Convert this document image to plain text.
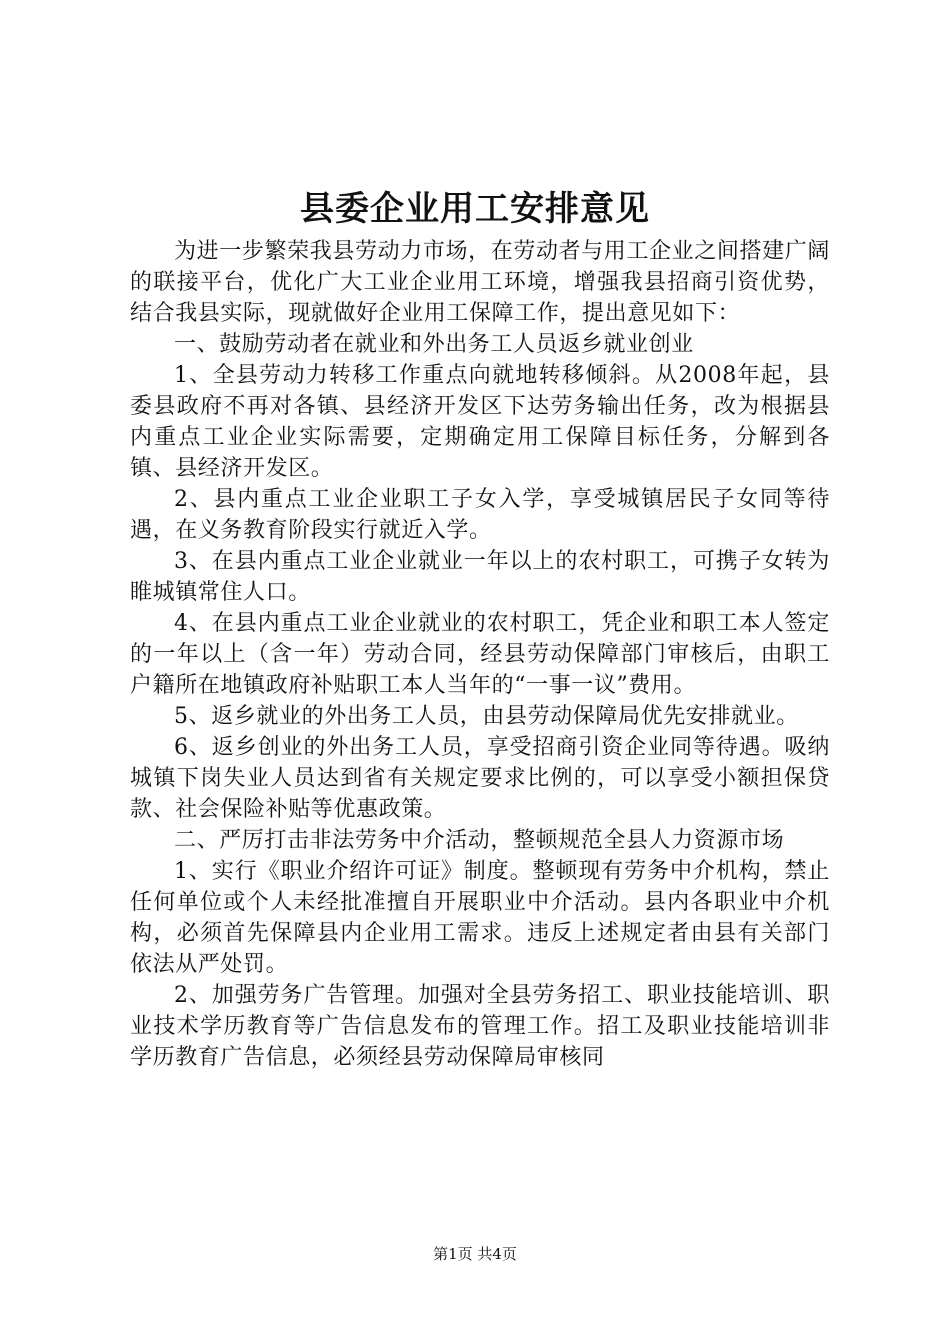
县委企业用工安排意见

为进一步繁荣我县劳动力市场，在劳动者与用工企业之间搭建广阔的联接平台，优化广大工业企业用工环境，增强我县招商引资优势，结合我县实际，现就做好企业用工保障工作，提出意见如下：

一、鼓励劳动者在就业和外出务工人员返乡就业创业

1、全县劳动力转移工作重点向就地转移倾斜。从2008年起，县委县政府不再对各镇、县经济开发区下达劳务输出任务，改为根据县内重点工业企业实际需要，定期确定用工保障目标任务，分解到各镇、县经济开发区。

2、县内重点工业企业职工子女入学，享受城镇居民子女同等待遇，在义务教育阶段实行就近入学。

3、在县内重点工业企业就业一年以上的农村职工，可携子女转为睢城镇常住人口。

4、在县内重点工业企业就业的农村职工，凭企业和职工本人签定的一年以上（含一年）劳动合同，经县劳动保障部门审核后，由职工户籍所在地镇政府补贴职工本人当年的“一事一议”费用。

5、返乡就业的外出务工人员，由县劳动保障局优先安排就业。

6、返乡创业的外出务工人员，享受招商引资企业同等待遇。吸纳城镇下岗失业人员达到省有关规定要求比例的，可以享受小额担保贷款、社会保险补贴等优惠政策。

二、严厉打击非法劳务中介活动，整顿规范全县人力资源市场

1、实行《职业介绍许可证》制度。整顿现有劳务中介机构，禁止任何单位或个人未经批准擅自开展职业中介活动。县内各职业中介机构，必须首先保障县内企业用工需求。违反上述规定者由县有关部门依法从严处罚。

2、加强劳务广告管理。加强对全县劳务招工、职业技能培训、职业技术学历教育等广告信息发布的管理工作。招工及职业技能培训非学历教育广告信息，必须经县劳动保障局审核同

第1页 共4页
